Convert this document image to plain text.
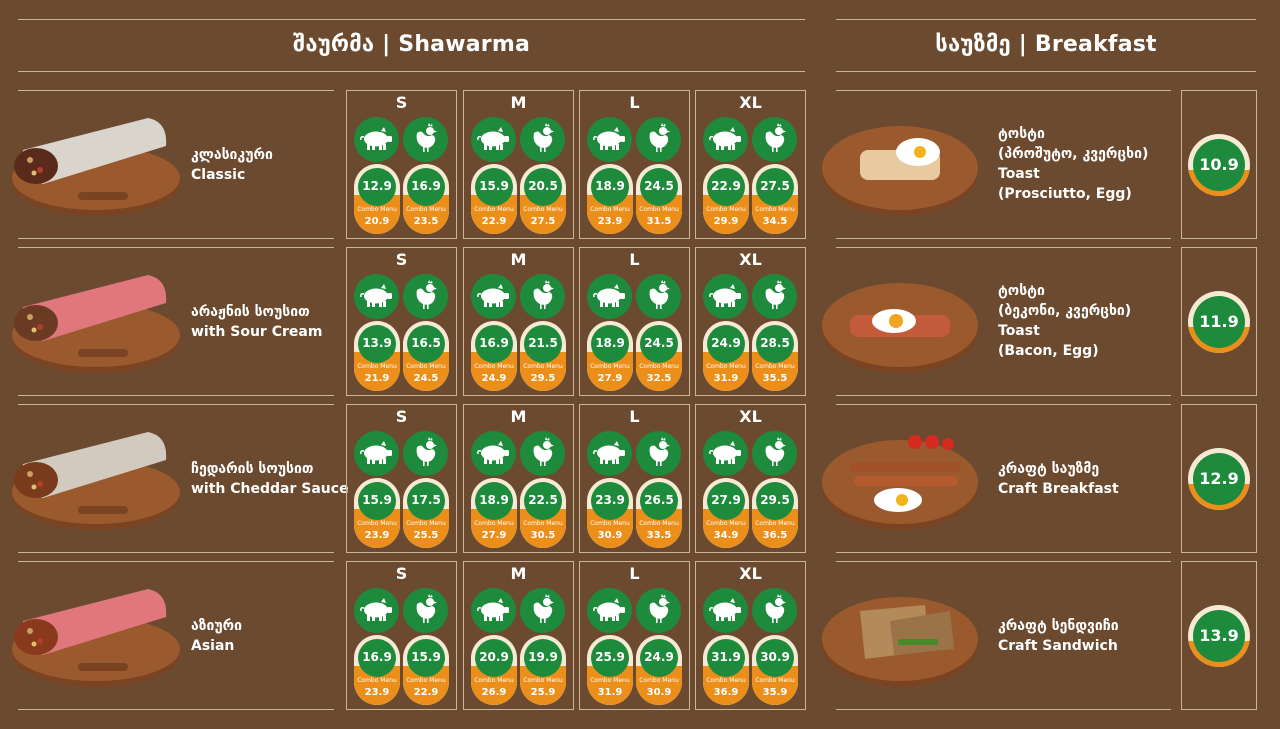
შაურმა | Shawarma	საუზმე | Breakfast
კლასიკური
Classic
S
12.9
Combo Menu
20.9
16.9
Combo Menu
23.5
M
15.9
Combo Menu
22.9
20.5
Combo Menu
27.5
L
18.9
Combo Menu
23.9
24.5
Combo Menu
31.5
XL
22.9
Combo Menu
29.9
27.5
Combo Menu
34.5
არაჟნის სოუსით
with Sour Cream
S
13.9
Combo Menu
21.9
16.5
Combo Menu
24.5
M
16.9
Combo Menu
24.9
21.5
Combo Menu
29.5
L
18.9
Combo Menu
27.9
24.5
Combo Menu
32.5
XL
24.9
Combo Menu
31.9
28.5
Combo Menu
35.5
ჩედარის სოუსით
with Cheddar Sauce
S
15.9
Combo Menu
23.9
17.5
Combo Menu
25.5
M
18.9
Combo Menu
27.9
22.5
Combo Menu
30.5
L
23.9
Combo Menu
30.9
26.5
Combo Menu
33.5
XL
27.9
Combo Menu
34.9
29.5
Combo Menu
36.5
აზიური
Asian
S
16.9
Combo Menu
23.9
15.9
Combo Menu
22.9
M
20.9
Combo Menu
26.9
19.9
Combo Menu
25.9
L
25.9
Combo Menu
31.9
24.9
Combo Menu
30.9
XL
31.9
Combo Menu
36.9
30.9
Combo Menu
35.9
ტოსტი
(პროშუტო, კვერცხი)
Toast
(Prosciutto, Egg)
10.9
ტოსტი
(ბეკონი, კვერცხი)
Toast
(Bacon, Egg)
11.9
კრაფტ საუზმე
Craft Breakfast
12.9
კრაფტ სენდვიჩი
Craft Sandwich
13.9
